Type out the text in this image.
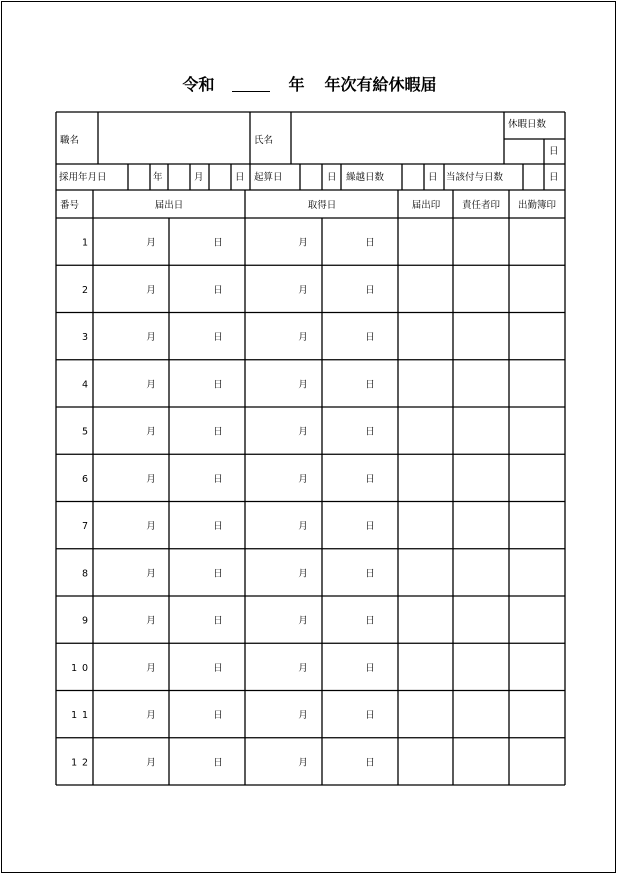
令和	年 年次有給休暇届
職名	氏名
休暇日数
日
採用年月日	年	月	日 起算日	日 繰越日数	日 当該付与日数	日
番号	届出日	取得日	届出印 責任者印 出勤簿印
1	月	日	月	日
2	月	日	月	日
3	月	日	月	日
4	月	日	月	日
5	月	日	月	日
6	月	日	月	日
7	月	日	月	日
8	月	日	月	日
9	月	日	月	日
1 0	月	日	月	日
1 1	月	日	月	日
1 2	月	日	月	日
